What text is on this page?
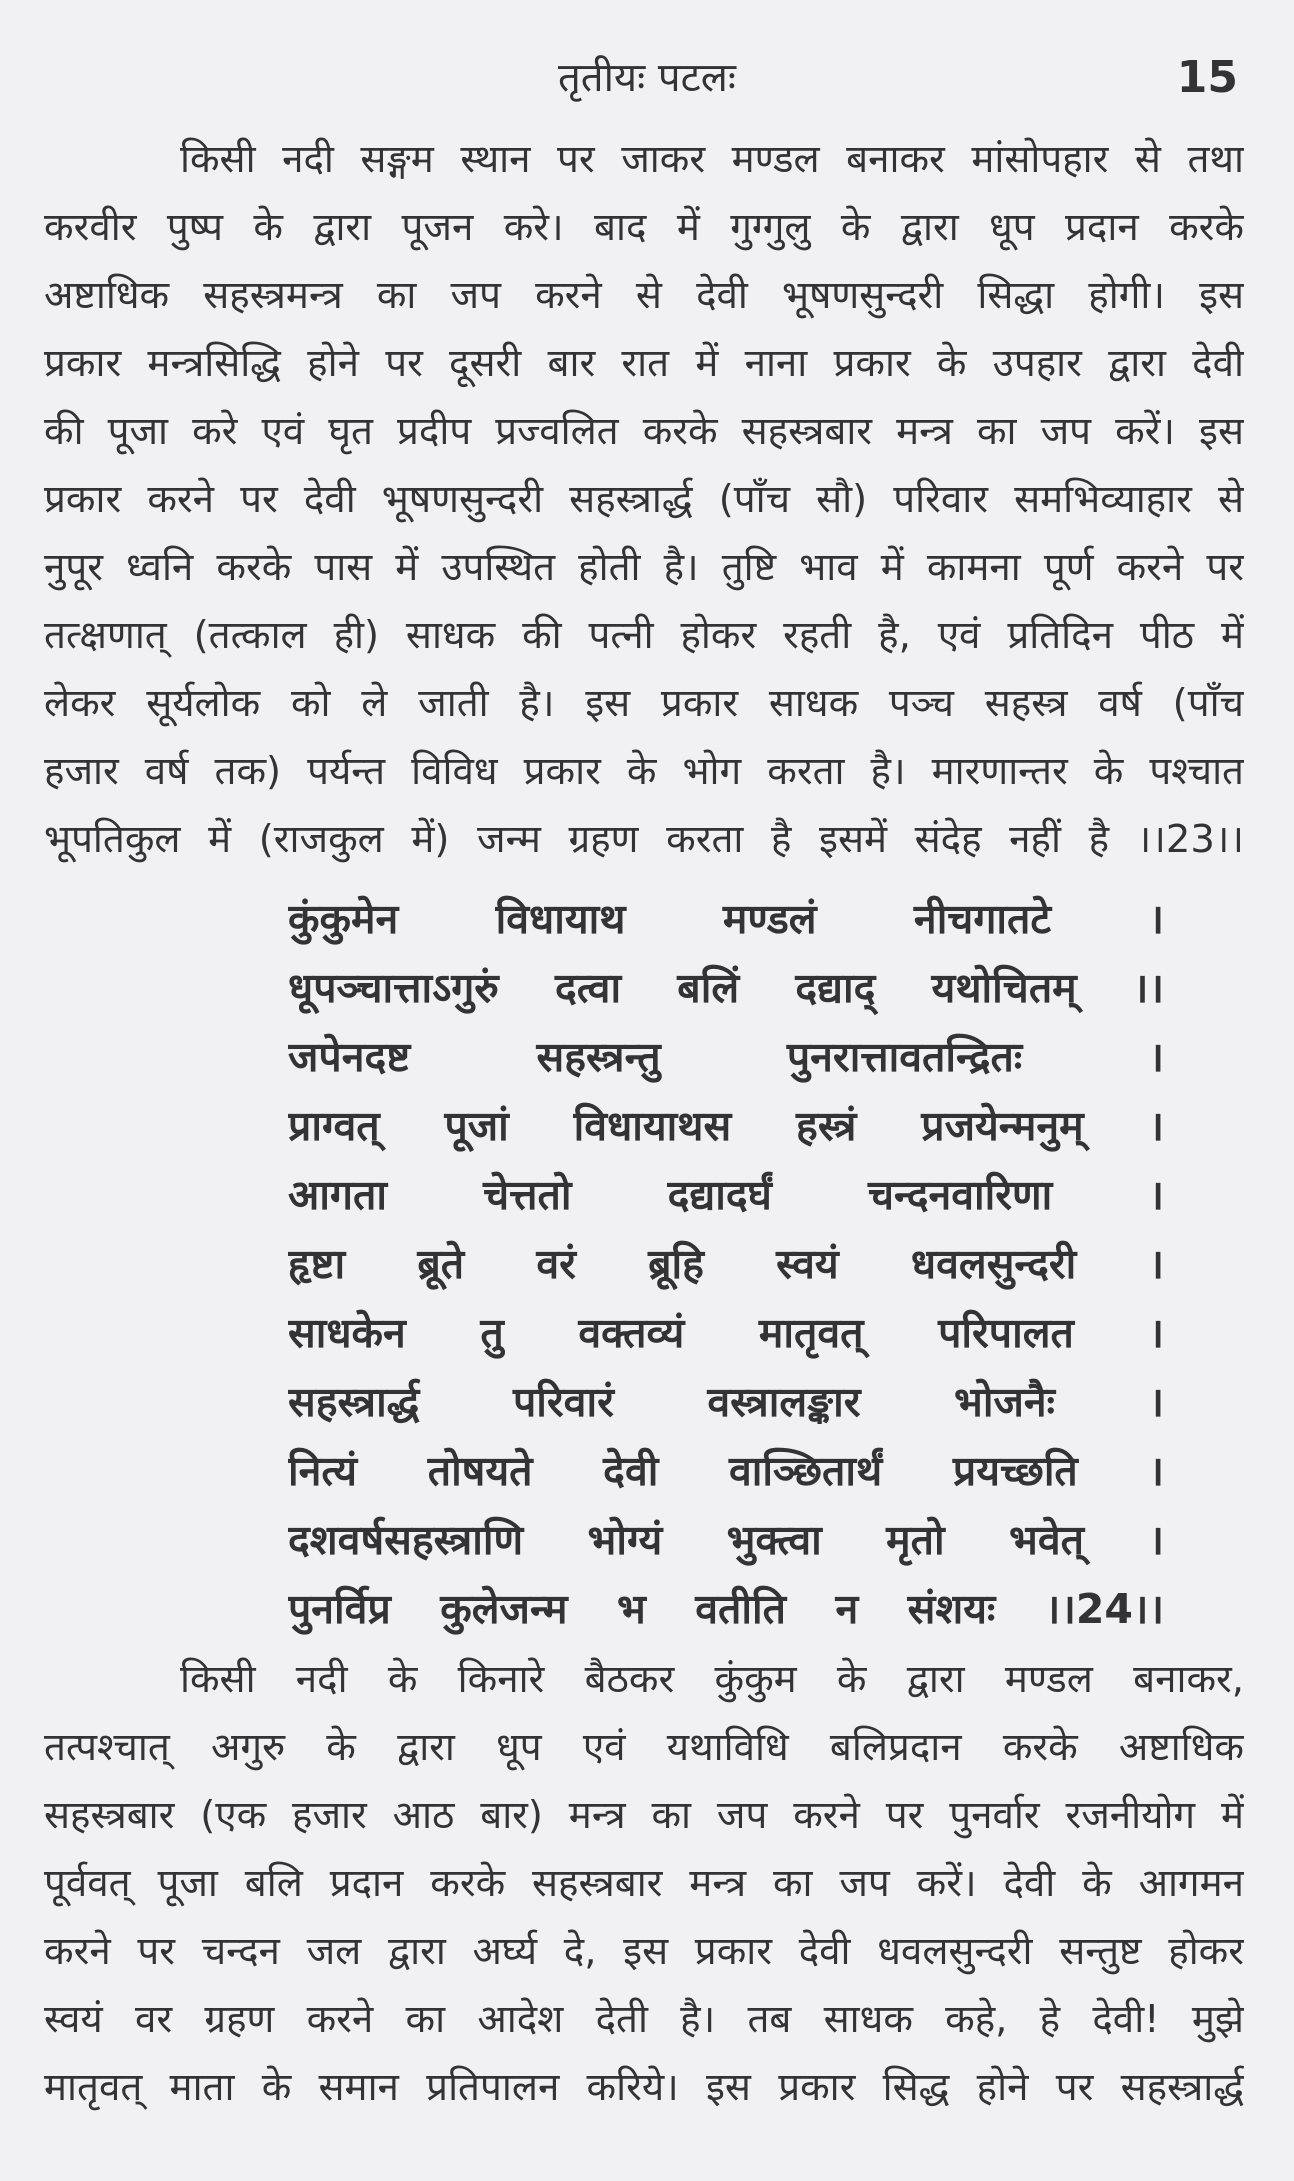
तृतीयः पटलः	15
किसी नदी सङ्गम स्थान पर जाकर मण्डल बनाकर मांसोपहार से तथा
करवीर पुष्प के द्वारा पूजन करे। बाद में गुग्गुलु के द्वारा धूप प्रदान करके
अष्टाधिक सहस्त्रमन्त्र का जप करने से देवी भूषणसुन्दरी सिद्धा होगी। इस
प्रकार मन्त्रसिद्धि होने पर दूसरी बार रात में नाना प्रकार के उपहार द्वारा देवी
की पूजा करे एवं घृत प्रदीप प्रज्वलित करके सहस्त्रबार मन्त्र का जप करें। इस
प्रकार करने पर देवी भूषणसुन्दरी सहस्त्रार्द्ध (पाँच सौ) परिवार समभिव्याहार से
नुपूर ध्वनि करके पास में उपस्थित होती है। तुष्टि भाव में कामना पूर्ण करने पर
तत्क्षणात् (तत्काल ही) साधक की पत्नी होकर रहती है, एवं प्रतिदिन पीठ में
लेकर सूर्यलोक को ले जाती है। इस प्रकार साधक पञ्च सहस्त्र वर्ष (पाँच
हजार वर्ष तक) पर्यन्त विविध प्रकार के भोग करता है। मारणान्तर के पश्चात
भूपतिकुल में (राजकुल में) जन्म ग्रहण करता है इसमें संदेह नहीं है ।।23।।
कुंकुमेन विधायाथ मण्डलं नीचगातटे ।
धूपञ्चात्ताऽगुरुं दत्वा बलिं दद्याद् यथोचितम् ।।
जपेनदष्ट सहस्त्रन्तु पुनरात्तावतन्द्रितः ।
प्राग्वत् पूजां विधायाथस हस्त्रं प्रजयेन्मनुम् ।
आगता चेत्ततो दद्यादर्घं चन्दनवारिणा ।
हृष्टा ब्रूते वरं ब्रूहि स्वयं धवलसुन्दरी ।
साधकेन तु वक्तव्यं मातृवत् परिपालत ।
सहस्त्रार्द्ध परिवारं वस्त्रालङ्कार भोजनैः ।
नित्यं तोषयते देवी वाञ्छितार्थं प्रयच्छति ।
दशवर्षसहस्त्राणि भोग्यं भुक्त्वा मृतो भवेत् ।
पुनर्विप्र कुलेजन्म भ वतीति न संशयः ।।24।।
किसी नदी के किनारे बैठकर कुंकुम के द्वारा मण्डल बनाकर,
तत्पश्चात् अगुरु के द्वारा धूप एवं यथाविधि बलिप्रदान करके अष्टाधिक
सहस्त्रबार (एक हजार आठ बार) मन्त्र का जप करने पर पुनर्वार रजनीयोग में
पूर्ववत् पूजा बलि प्रदान करके सहस्त्रबार मन्त्र का जप करें। देवी के आगमन
करने पर चन्दन जल द्वारा अर्घ्य दे, इस प्रकार देवी धवलसुन्दरी सन्तुष्ट होकर
स्वयं वर ग्रहण करने का आदेश देती है। तब साधक कहे, हे देवी! मुझे
मातृवत् माता के समान प्रतिपालन करिये। इस प्रकार सिद्ध होने पर सहस्त्रार्द्ध
